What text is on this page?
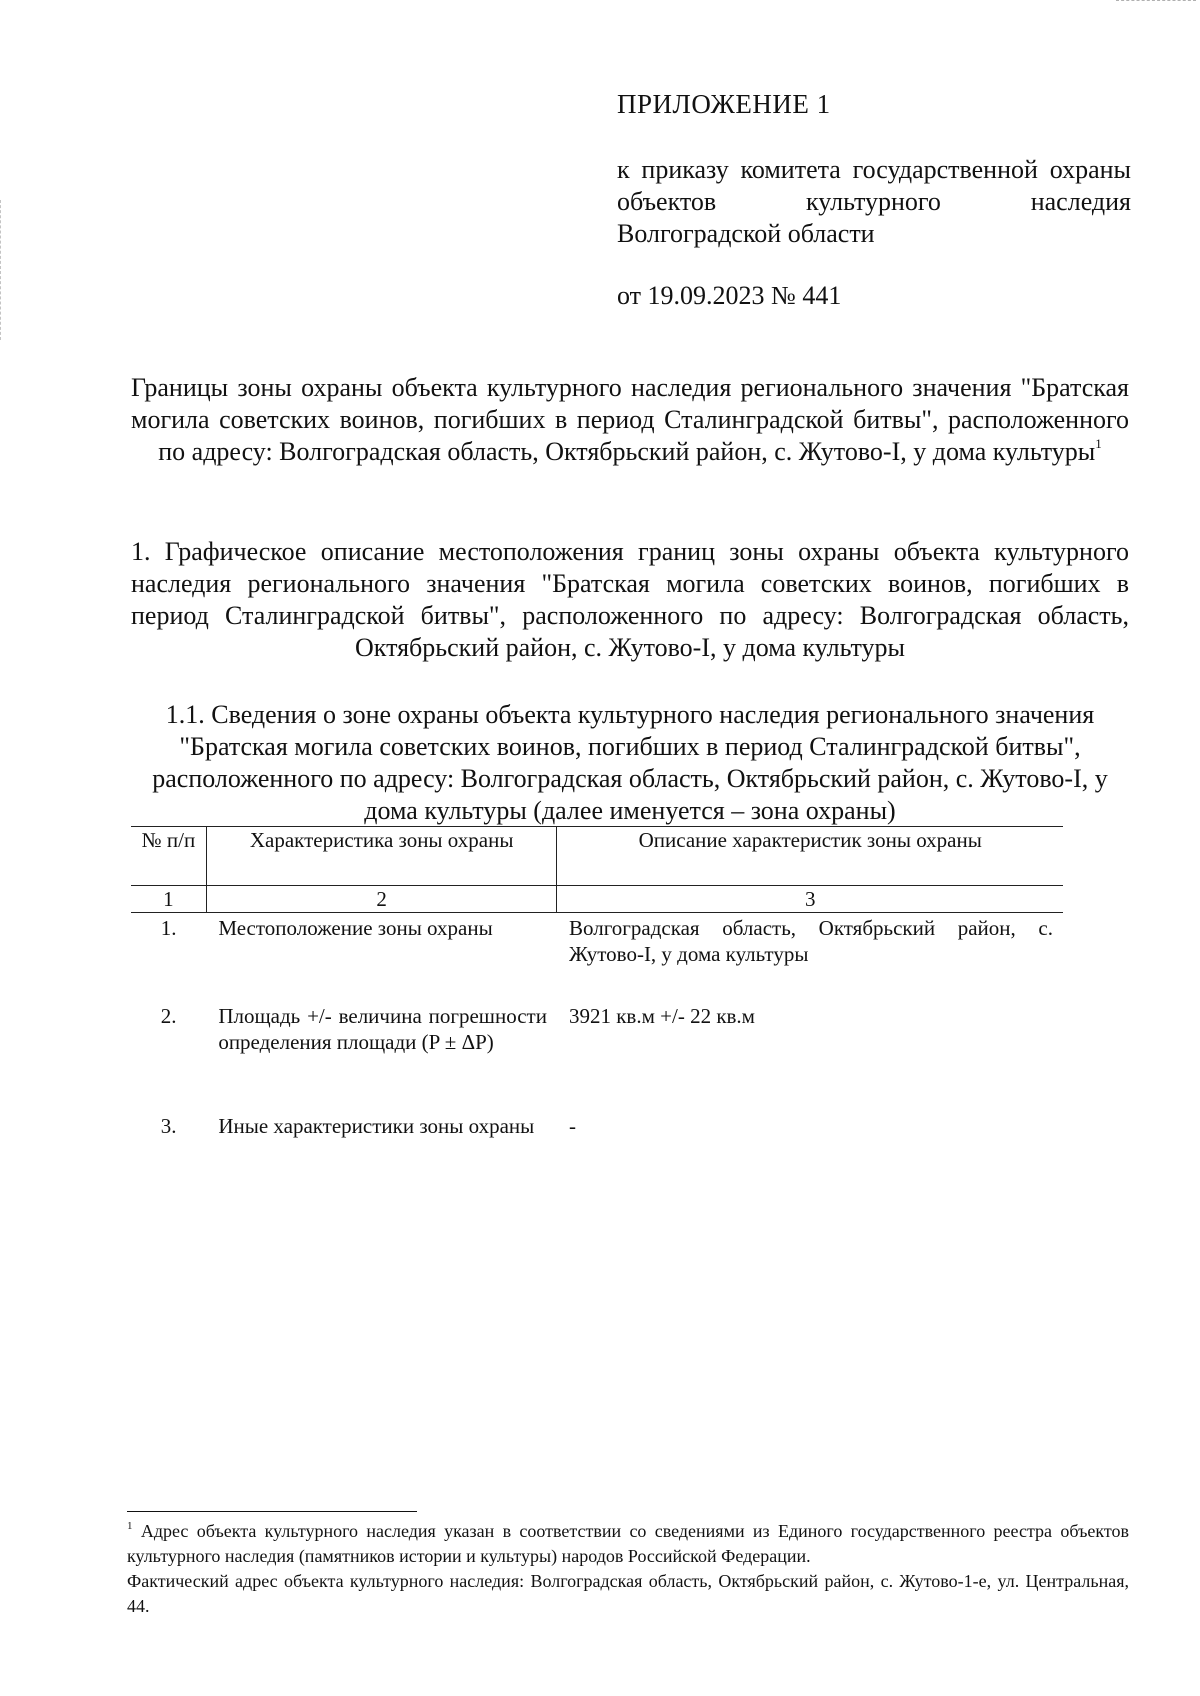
ПРИЛОЖЕНИЕ 1
к приказу комитета государственной охраны объектов культурного наследия Волгоградской области
от 19.09.2023 № 441
Границы зоны охраны объекта культурного наследия регионального значения "Братская могила советских воинов, погибших в период Сталинградской битвы", расположенного по адресу: Волгоградская область, Октябрьский район, с. Жутово-I, у дома культуры$^1$
1. Графическое описание местоположения границ зоны охраны объекта культурного наследия регионального значения "Братская могила советских воинов, погибших в период Сталинградской битвы", расположенного по адресу: Волгоградская область, Октябрьский район, с. Жутово-I, у дома культуры
1.1. Сведения о зоне охраны объекта культурного наследия регионального значения "Братская могила советских воинов, погибших в период Сталинградской битвы", расположенного по адресу: Волгоградская область, Октябрьский район, с. Жутово-I, у дома культуры (далее именуется – зона охраны)
№ п/п	Характеристика зоны охраны	Описание характеристик зоны охраны
1	2	3
1.	Местоположение зоны охраны	Волгоградская область, Октябрьский район, с. Жутово-I, у дома культуры
2.	Площадь +/- величина погрешности определения площади (P ± ΔP)	3921 кв.м +/- 22 кв.м
3.	Иные характеристики зоны охраны	-
$^1$ Адрес объекта культурного наследия указан в соответствии со сведениями из Единого государственного реестра объектов культурного наследия (памятников истории и культуры) народов Российской Федерации.
Фактический адрес объекта культурного наследия: Волгоградская область, Октябрьский район, с. Жутово-1-е, ул. Центральная, 44.
